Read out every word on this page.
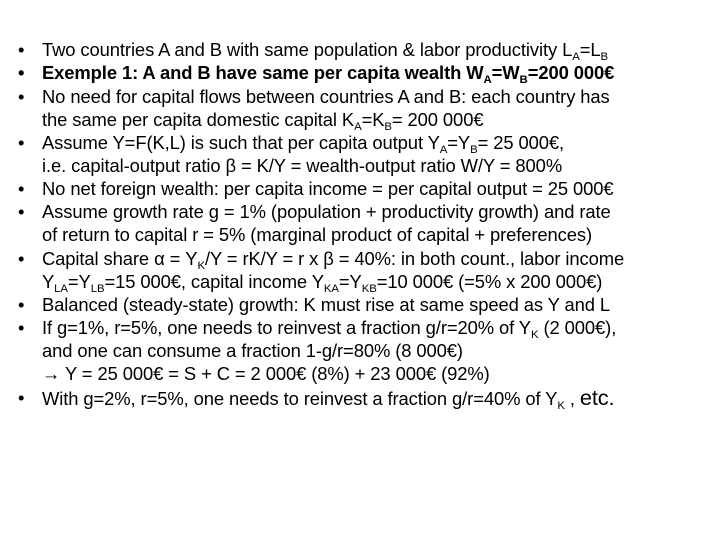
• Two countries A and B with same population & labor productivity $L_A=L_B$
• Exemple 1: A and B have same per capita wealth $W_A=W_B=200$ 000€
• No need for capital flows between countries A and B: each country has
the same per capita domestic capital $K_A=K_B= 200$ 000€
• Assume Y=F(K,L) is such that per capita output $Y_A=Y_B= 25$ 000€,
i.e. capital-output ratio β = K/Y = wealth-output ratio W/Y = 800%
• No net foreign wealth: per capita income = per capital output = 25 000€
• Assume growth rate g = 1% (population + productivity growth) and rate
of return to capital r = 5% (marginal product of capital + preferences)
• Capital share $\alpha = Y_K/Y = rK/Y = r$ x β = 40%: in both count., labor income
$Y_{LA}=Y_{LB}=15$ 000€, capital income $Y_{KA}=Y_{KB}=10$ 000€ (=5% x 200 000€)
• Balanced (steady-state) growth: K must rise at same speed as Y and L
• If g=1%, r=5%, one needs to reinvest a fraction g/r=20% of $Y_K$ (2 000€),
and one can consume a fraction 1-g/r=80% (8 000€)
→ Y = 25 000€ = S + C = 2 000€ (8%) + 23 000€ (92%)
• With g=2%, r=5%, one needs to reinvest a fraction g/r=40% of $Y_K$ , etc.
